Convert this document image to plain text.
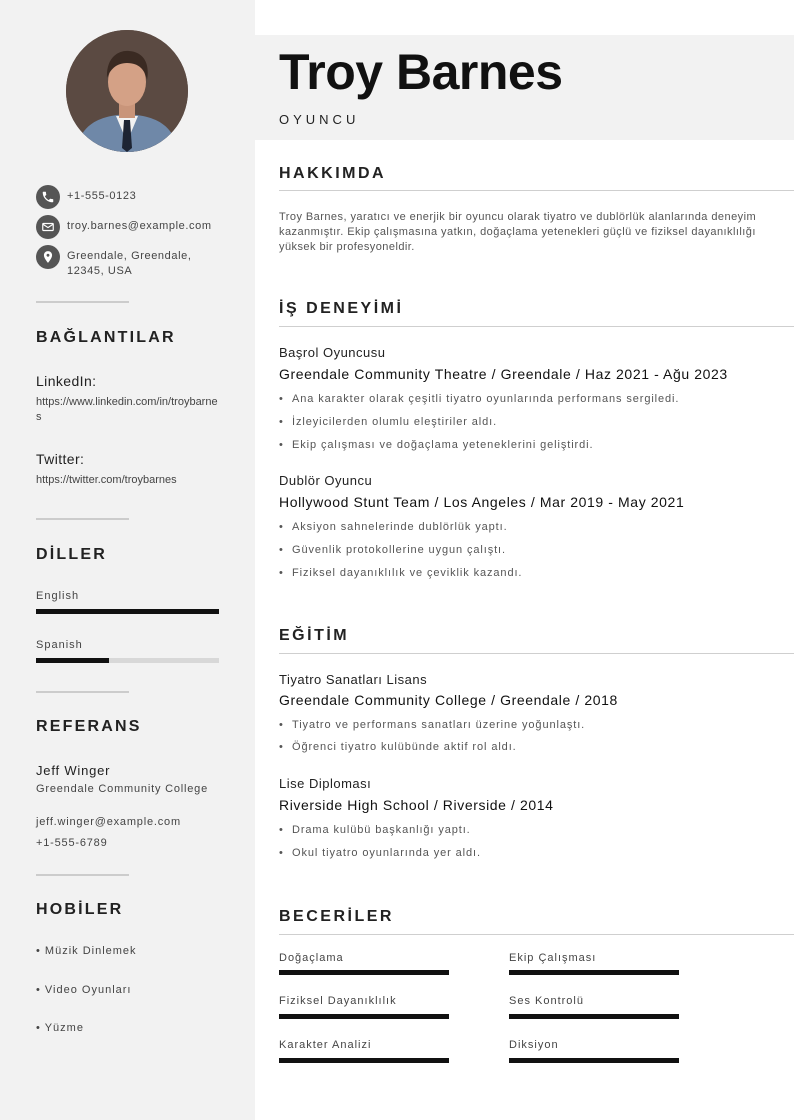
+1-555-0123
troy.barnes@example.com
Greendale, Greendale, 12345, USA
BAĞLANTILAR
LinkedIn:
https://www.linkedin.com/in/troybarnes
Twitter:
https://twitter.com/troybarnes
DİLLER
English
Spanish
REFERANS
Jeff Winger
Greendale Community College
jeff.winger@example.com
+1-555-6789
HOBİLER
• Müzik Dinlemek
• Video Oyunları
• Yüzme
Troy Barnes
OYUNCU
HAKKIMDA
Troy Barnes, yaratıcı ve enerjik bir oyuncu olarak tiyatro ve dublörlük alanlarında deneyim kazanmıştır. Ekip çalışmasına yatkın, doğaçlama yetenekleri güçlü ve fiziksel dayanıklılığı yüksek bir profesyoneldir.
İŞ DENEYİMİ
Başrol Oyuncusu
Greendale Community Theatre / Greendale / Haz 2021 - Ağu 2023
• Ana karakter olarak çeşitli tiyatro oyunlarında performans sergiledi.
• İzleyicilerden olumlu eleştiriler aldı.
• Ekip çalışması ve doğaçlama yeteneklerini geliştirdi.
Dublör Oyuncu
Hollywood Stunt Team / Los Angeles / Mar 2019 - May 2021
• Aksiyon sahnelerinde dublörlük yaptı.
• Güvenlik protokollerine uygun çalıştı.
• Fiziksel dayanıklılık ve çeviklik kazandı.
EĞİTİM
Tiyatro Sanatları Lisans
Greendale Community College / Greendale / 2018
• Tiyatro ve performans sanatları üzerine yoğunlaştı.
• Öğrenci tiyatro kulübünde aktif rol aldı.
Lise Diploması
Riverside High School / Riverside / 2014
• Drama kulübü başkanlığı yaptı.
• Okul tiyatro oyunlarında yer aldı.
BECERİLER
Doğaçlama	Ekip Çalışması
Fiziksel Dayanıklılık	Ses Kontrolü
Karakter Analizi	Diksiyon
